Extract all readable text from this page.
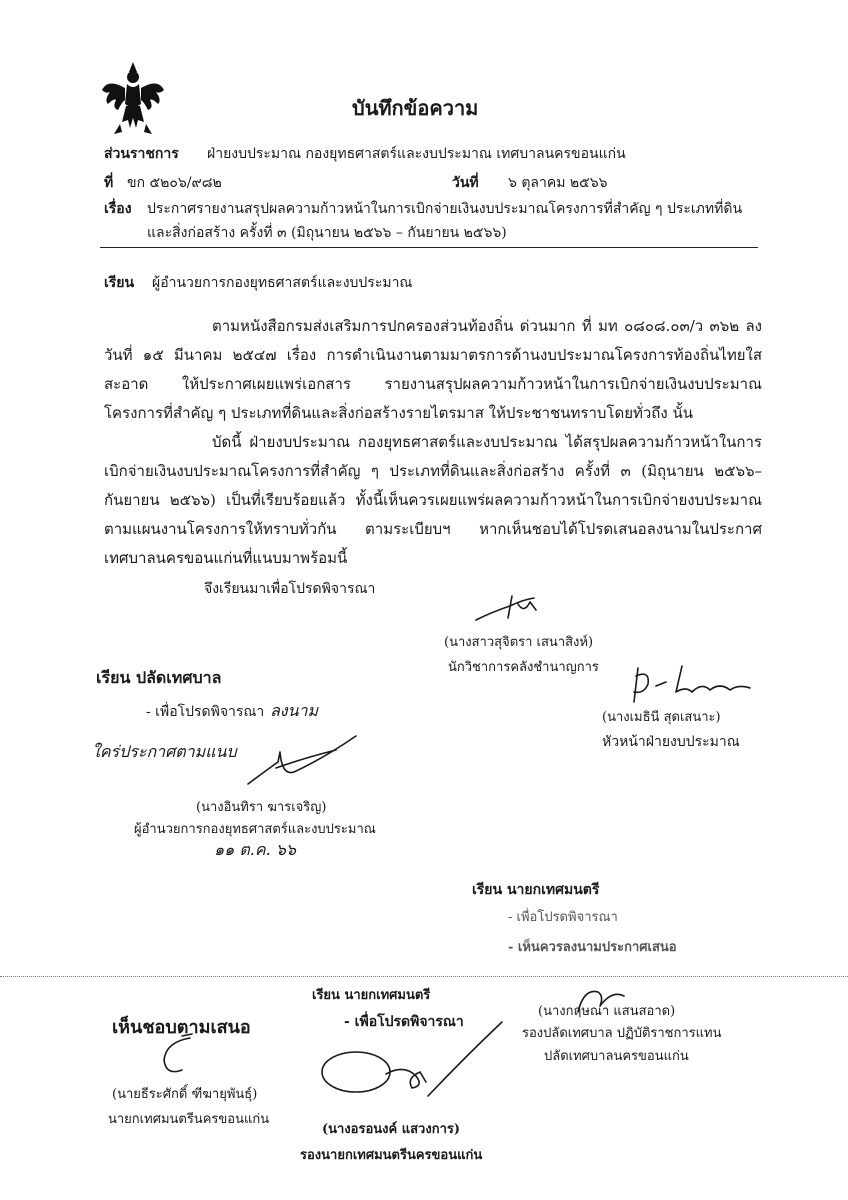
บันทึกข้อความ
ส่วนราชการ ฝ่ายงบประมาณ กองยุทธศาสตร์และงบประมาณ เทศบาลนครขอนแก่น
ที่ ขก ๕๒๐๖/๙๘๒	วันที่ ๖ ตุลาคม ๒๕๖๖
เรื่อง ประกาศรายงานสรุปผลความก้าวหน้าในการเบิกจ่ายเงินงบประมาณโครงการที่สำคัญ ๆ ประเภทที่ดิน
และสิ่งก่อสร้าง ครั้งที่ ๓ (มิถุนายน ๒๕๖๖ – กันยายน ๒๕๖๖)
เรียน ผู้อำนวยการกองยุทธศาสตร์และงบประมาณ
ตามหนังสือกรมส่งเสริมการปกครองส่วนท้องถิ่น ด่วนมาก ที่ มท ๐๘๐๘.๐๓/ว ๓๖๒ ลงวันที่ ๑๕ มีนาคม ๒๕๔๗ เรื่อง การดำเนินงานตามมาตรการด้านงบประมาณโครงการท้องถิ่นไทยใสสะอาด ให้ประกาศเผยแพร่เอกสาร รายงานสรุปผลความก้าวหน้าในการเบิกจ่ายเงินงบประมาณโครงการที่สำคัญ ๆ ประเภทที่ดินและสิ่งก่อสร้างรายไตรมาส ให้ประชาชนทราบโดยทั่วถึง นั้น
บัดนี้ ฝ่ายงบประมาณ กองยุทธศาสตร์และงบประมาณ ได้สรุปผลความก้าวหน้าในการเบิกจ่ายเงินงบประมาณโครงการที่สำคัญ ๆ ประเภทที่ดินและสิ่งก่อสร้าง ครั้งที่ ๓ (มิถุนายน ๒๕๖๖–กันยายน ๒๕๖๖) เป็นที่เรียบร้อยแล้ว ทั้งนี้เห็นควรเผยแพร่ผลความก้าวหน้าในการเบิกจ่ายงบประมาณตามแผนงานโครงการให้ทราบทั่วกัน ตามระเบียบฯ หากเห็นชอบได้โปรดเสนอลงนามในประกาศเทศบาลนครขอนแก่นที่แนบมาพร้อมนี้
จึงเรียนมาเพื่อโปรดพิจารณา
(นางสาวสุจิตรา เสนาสิงห์)
นักวิชาการคลังชำนาญการ
(นางเมธินี สุดเสนาะ)
หัวหน้าฝ่ายงบประมาณ
เรียน ปลัดเทศบาล
- เพื่อโปรดพิจารณา ลงนาม
ใคร่ประกาศตามแนบ
(นางอินทิรา ฆารเจริญ)
ผู้อำนวยการกองยุทธศาสตร์และงบประมาณ
๑๑ ต.ค. ๖๖
เรียน นายกเทศมนตรี
- เพื่อโปรดพิจารณา
- เห็นควรลงนามประกาศเสนอ
(นางกฤษณา แสนสอาด)
รองปลัดเทศบาล ปฏิบัติราชการแทน
ปลัดเทศบาลนครขอนแก่น
เรียน นายกเทศมนตรี
- เพื่อโปรดพิจารณา
(นางอรอนงค์ แสวงการ)
รองนายกเทศมนตรีนครขอนแก่น
เห็นชอบตามเสนอ
(นายธีระศักดิ์ ฑีฆายุพันธุ์)
นายกเทศมนตรีนครขอนแก่น
